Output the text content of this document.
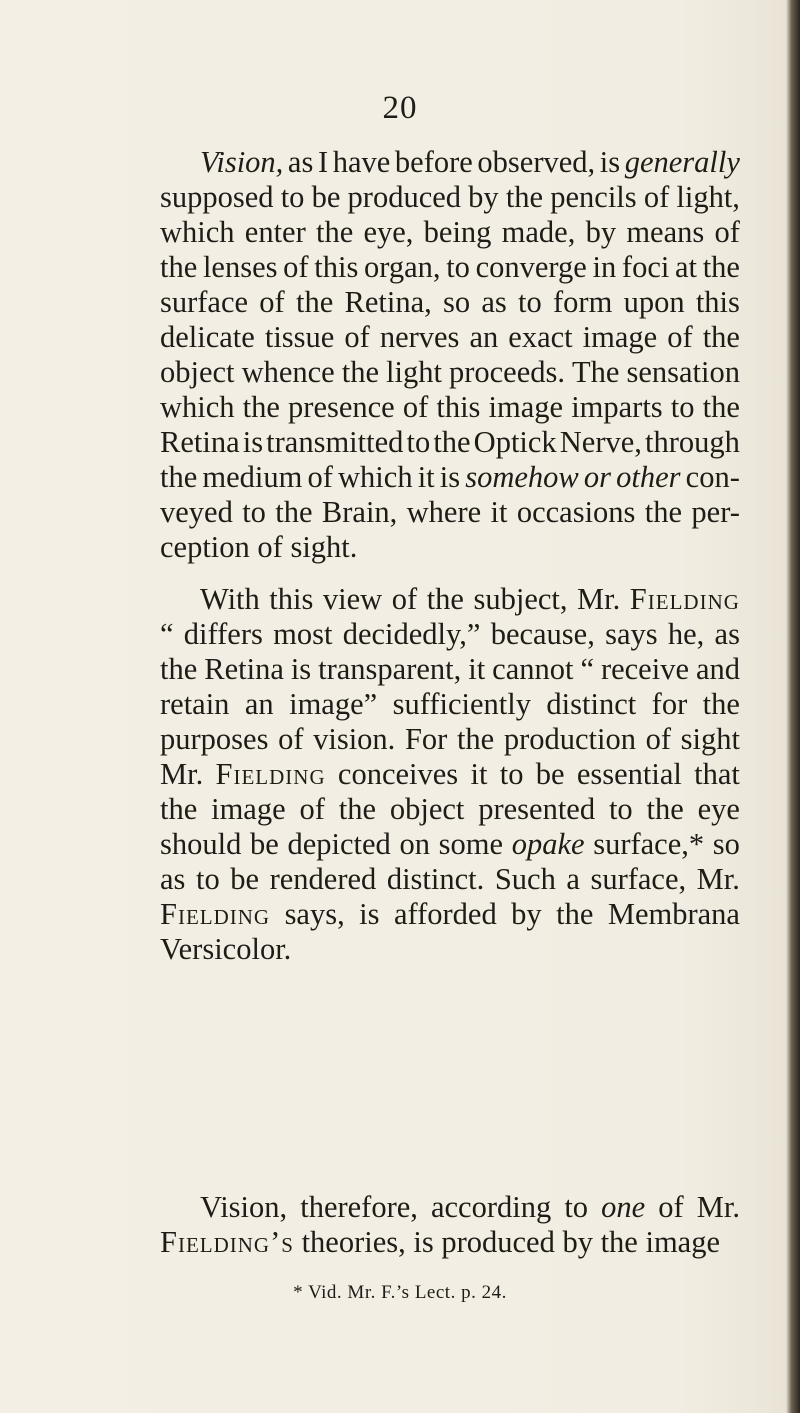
20
Vision, as I have before observed, is generally
supposed to be produced by the pencils of light,
which enter the eye, being made, by means of
the lenses of this organ, to converge in foci at the
surface of the Retina, so as to form upon this
delicate tissue of nerves an exact image of the
object whence the light proceeds. The sensation
which the presence of this image imparts to the
Retina is transmitted to the Optick Nerve, through
the medium of which it is somehow or other con-
veyed to the Brain, where it occasions the per-
ception
of
sight.

With this view of the subject, Mr. Fielding
“ differs most decidedly,” because, says he, as
the Retina is transparent, it cannot “ receive and
retain an image” sufficiently distinct for the
purposes of vision. For the production of sight
Mr. Fielding conceives it to be essential that
the image of the object presented to the eye
should be depicted on some opake surface,* so
as to be rendered distinct. Such a surface, Mr.
Fielding says, is afforded by the Membrana
Versicolor.

Vision, therefore, according to one of Mr.
Fielding’s
theories,
is
produced
by
the
image

* Vid. Mr. F.’s Lect. p. 24.
